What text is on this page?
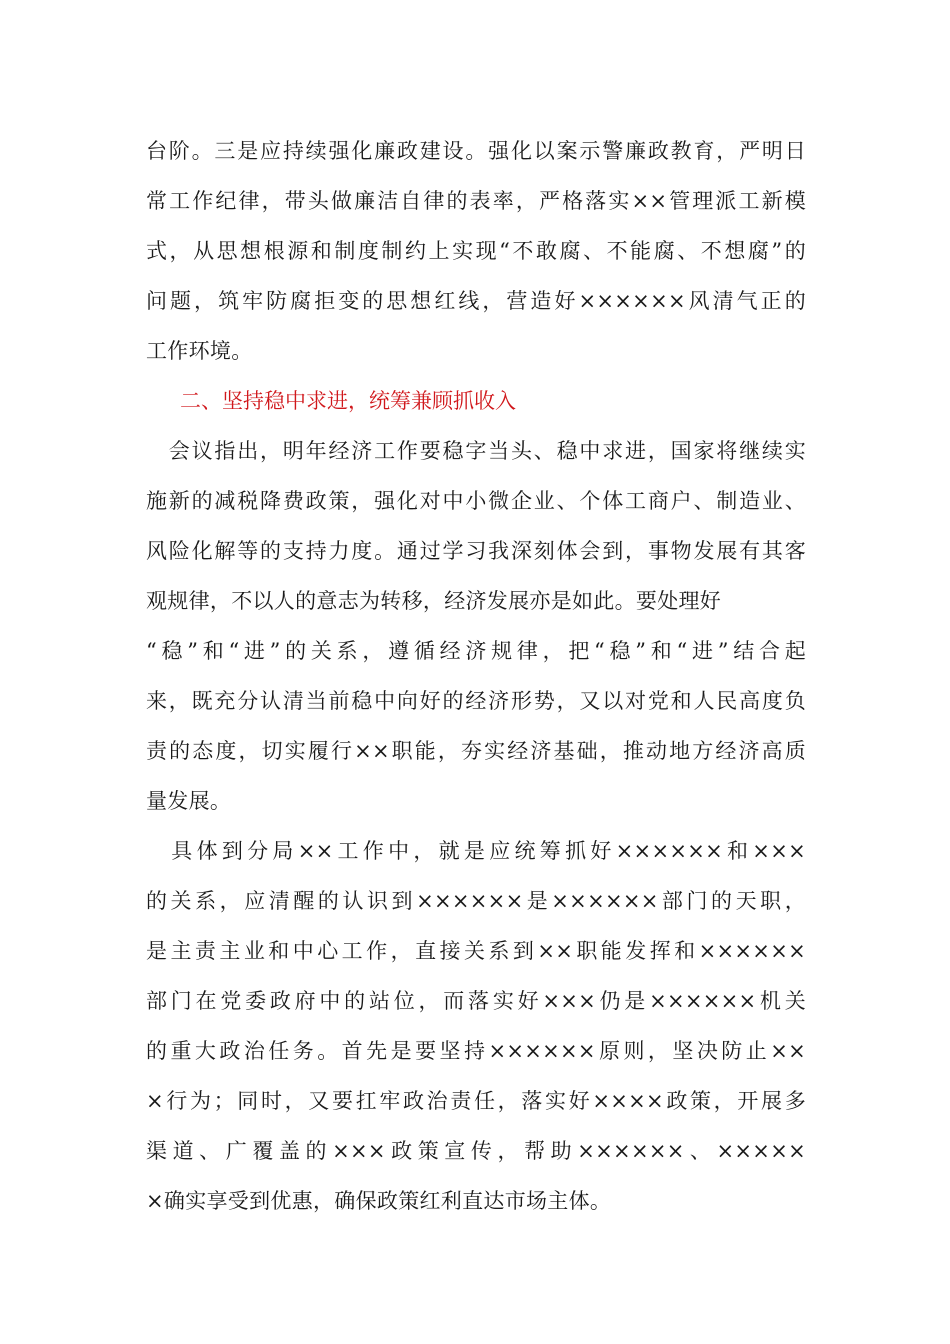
台阶。三是应持续强化廉政建设。强化以案示警廉政教育，严明日
常工作纪律，带头做廉洁自律的表率，严格落实××管理派工新模
式，从思想根源和制度制约上实现“不敢腐、不能腐、不想腐”的
问题，筑牢防腐拒变的思想红线，营造好××××××风清气正的
工作环境。
二、坚持稳中求进，统筹兼顾抓收入
　会议指出，明年经济工作要稳字当头、稳中求进，国家将继续实
施新的减税降费政策，强化对中小微企业、个体工商户、制造业、
风险化解等的支持力度。通过学习我深刻体会到，事物发展有其客
观规律，不以人的意志为转移，经济发展亦是如此。要处理好
“稳”和“进”的关系，遵循经济规律，把“稳”和“进”结合起
来，既充分认清当前稳中向好的经济形势，又以对党和人民高度负
责的态度，切实履行××职能，夯实经济基础，推动地方经济高质
量发展。
　具体到分局××工作中，就是应统筹抓好××××××和×××
的关系，应清醒的认识到××××××是××××××部门的天职，
是主责主业和中心工作，直接关系到××职能发挥和××××××
部门在党委政府中的站位，而落实好×××仍是××××××机关
的重大政治任务。首先是要坚持××××××原则，坚决防止××
×行为；同时，又要扛牢政治责任，落实好××××政策，开展多
渠道、广覆盖的×××政策宣传，帮助××××××、×××××
×确实享受到优惠，确保政策红利直达市场主体。
